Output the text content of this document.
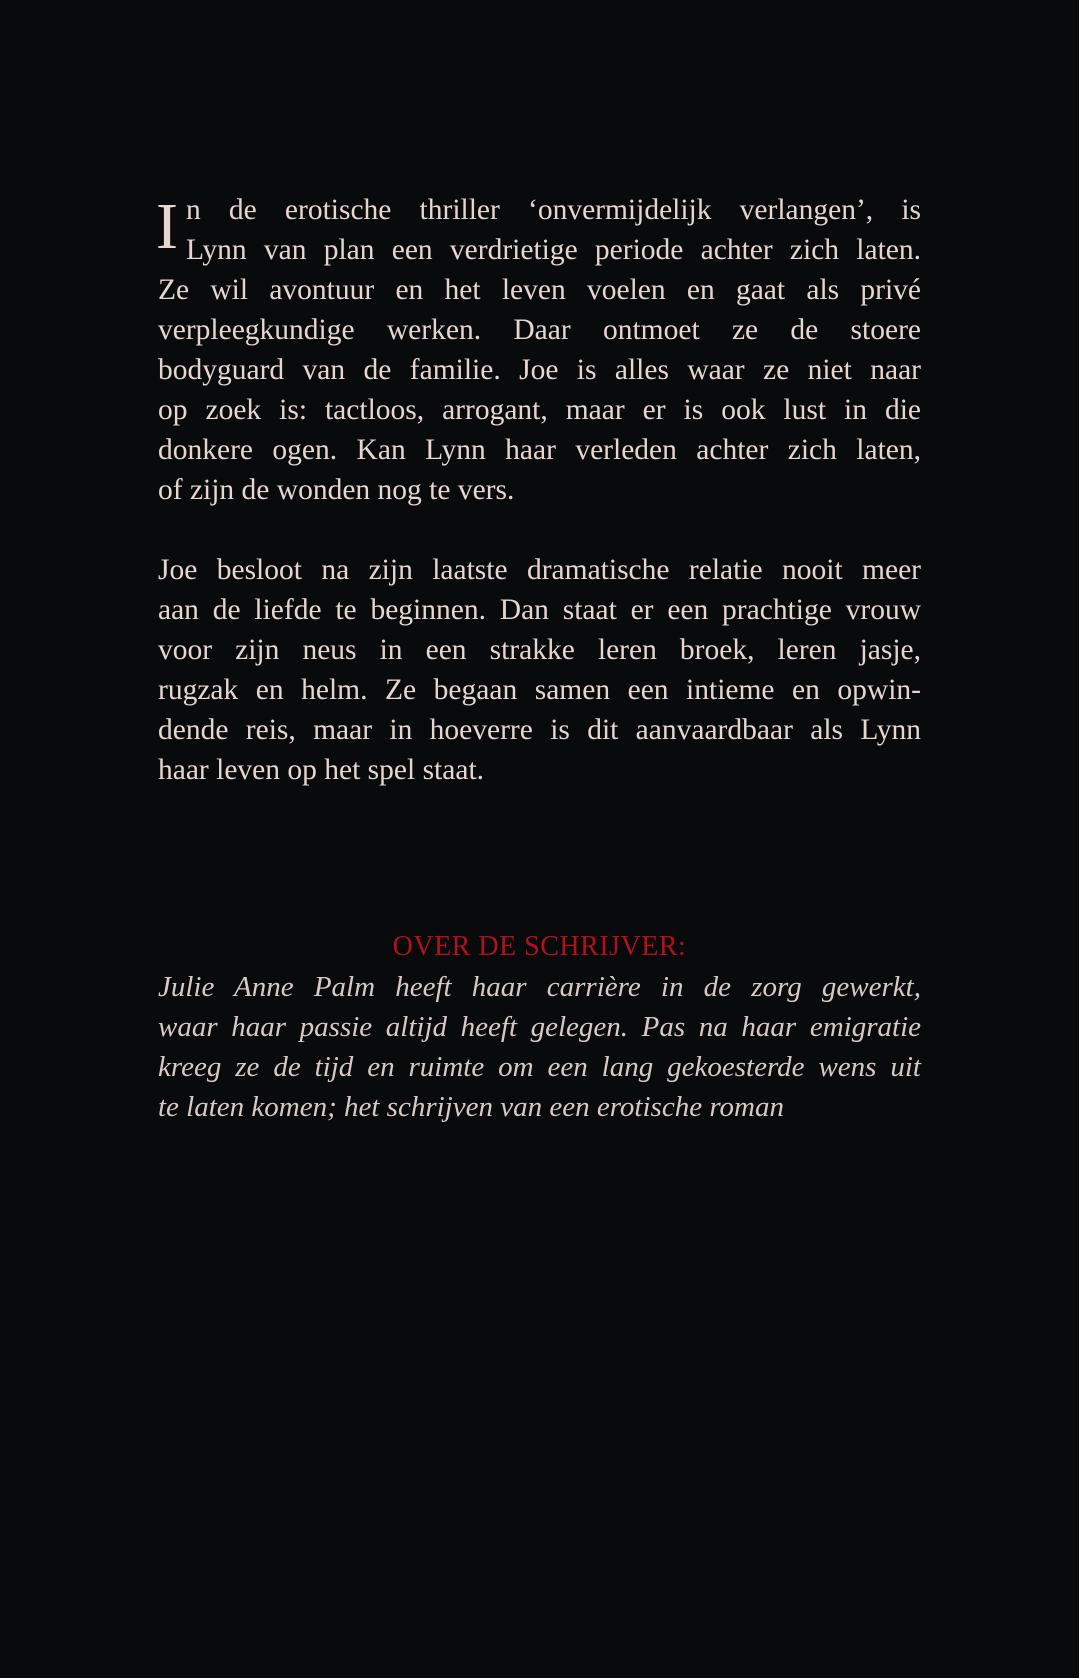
I n de erotische thriller ‘onvermijdelijk verlangen’, is
Lynn van plan een verdrietige periode achter zich laten.
Ze wil avontuur en het leven voelen en gaat als privé
verpleegkundige werken. Daar ontmoet ze de stoere
bodyguard van de familie. Joe is alles waar ze niet naar
op zoek is: tactloos, arrogant, maar er is ook lust in die
donkere ogen. Kan Lynn haar verleden achter zich laten,
of zijn de wonden nog te vers.
Joe besloot na zijn laatste dramatische relatie nooit meer
aan de liefde te beginnen. Dan staat er een prachtige vrouw
voor zijn neus in een strakke leren broek, leren jasje,
rugzak en helm. Ze begaan samen een intieme en opwin-
dende reis, maar in hoeverre is dit aanvaardbaar als Lynn
haar leven op het spel staat.
OVER DE SCHRIJVER:
Julie Anne Palm heeft haar carrière in de zorg gewerkt,
waar haar passie altijd heeft gelegen. Pas na haar emigratie
kreeg ze de tijd en ruimte om een lang gekoesterde wens uit
te laten komen; het schrijven van een erotische roman
